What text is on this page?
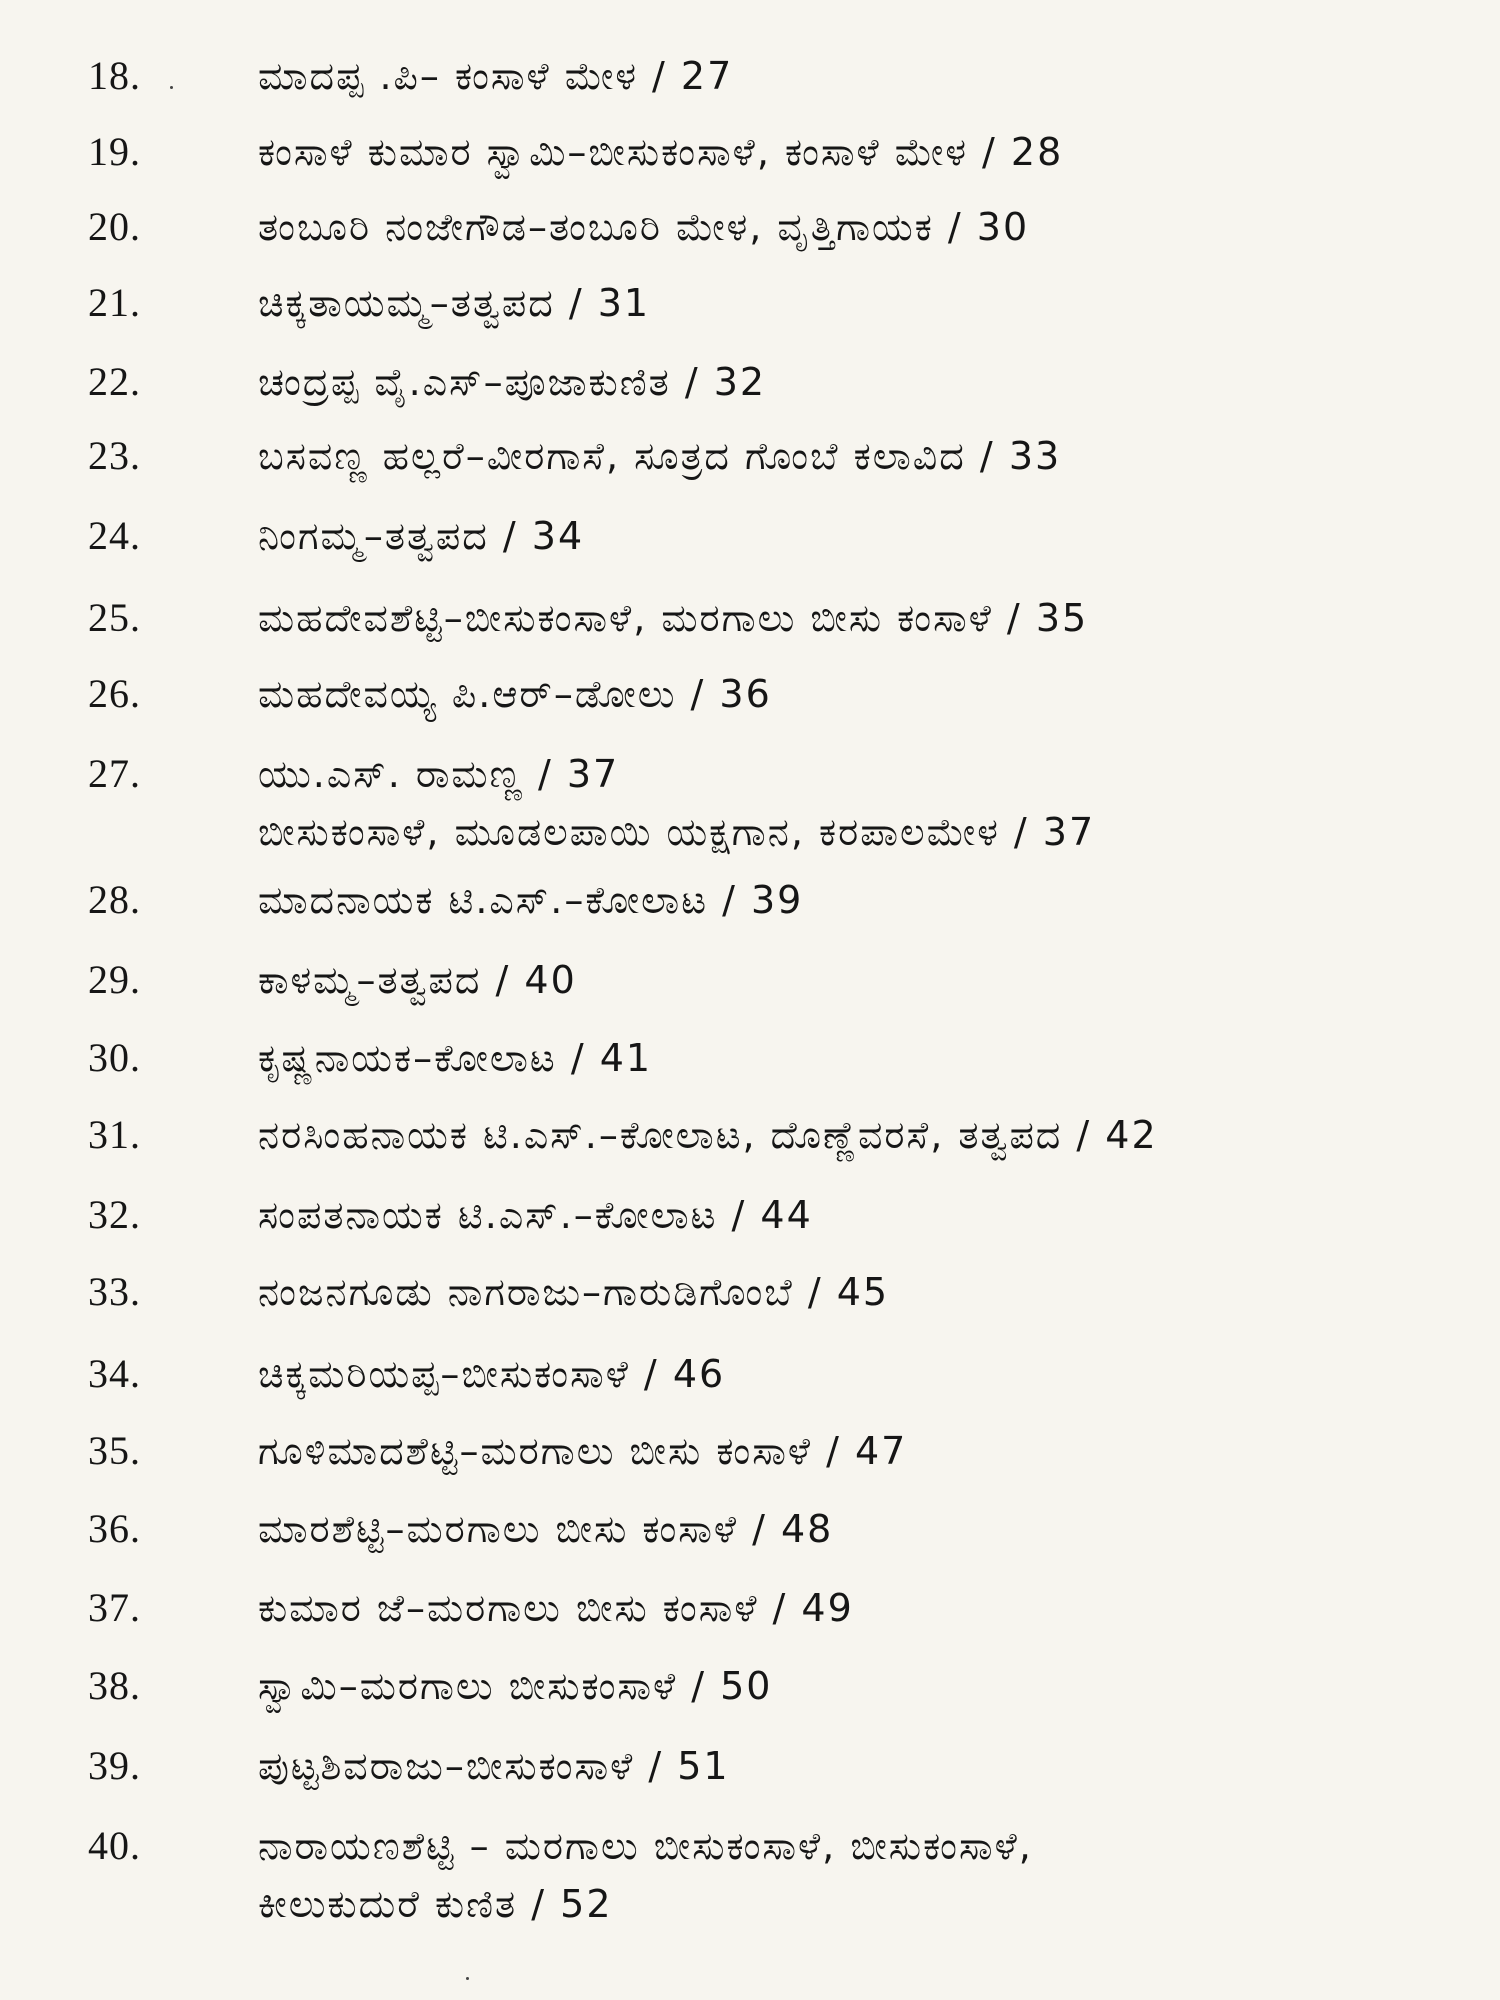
18.	ಮಾದಪ್ಪ .ಪಿ– ಕಂಸಾಳೆ ಮೇಳ / 27
19.	ಕಂಸಾಳೆ ಕುಮಾರ ಸ್ವಾಮಿ–ಬೀಸುಕಂಸಾಳೆ, ಕಂಸಾಳೆ ಮೇಳ / 28
20.	ತಂಬೂರಿ ನಂಜೇಗೌಡ–ತಂಬೂರಿ ಮೇಳ, ವೃತ್ತಿಗಾಯಕ / 30
21.	ಚಿಕ್ಕತಾಯಮ್ಮ–ತತ್ವಪದ / 31
22.	ಚಂದ್ರಪ್ಪ ವೈ.ಎಸ್–ಪೂಜಾಕುಣಿತ / 32
23.	ಬಸವಣ್ಣ ಹಲ್ಲರೆ–ವೀರಗಾಸೆ, ಸೂತ್ರದ ಗೊಂಬೆ ಕಲಾವಿದ / 33
24.	ನಿಂಗಮ್ಮ–ತತ್ವಪದ / 34
25.	ಮಹದೇವಶೆಟ್ಟಿ–ಬೀಸುಕಂಸಾಳೆ, ಮರಗಾಲು ಬೀಸು ಕಂಸಾಳೆ / 35
26.	ಮಹದೇವಯ್ಯ ಪಿ.ಆರ್–ಡೋಲು / 36
27.	ಯು.ಎಸ್. ರಾಮಣ್ಣ / 37
ಬೀಸುಕಂಸಾಳೆ, ಮೂಡಲಪಾಯಿ ಯಕ್ಷಗಾನ, ಕರಪಾಲಮೇಳ / 37
28.	ಮಾದನಾಯಕ ಟಿ.ಎಸ್.–ಕೋಲಾಟ / 39
29.	ಕಾಳಮ್ಮ–ತತ್ವಪದ / 40
30.	ಕೃಷ್ಣನಾಯಕ–ಕೋಲಾಟ / 41
31.	ನರಸಿಂಹನಾಯಕ ಟಿ.ಎಸ್.–ಕೋಲಾಟ, ದೊಣ್ಣೆವರಸೆ, ತತ್ವಪದ / 42
32.	ಸಂಪತನಾಯಕ ಟಿ.ಎಸ್.–ಕೋಲಾಟ / 44
33.	ನಂಜನಗೂಡು ನಾಗರಾಜು–ಗಾರುಡಿಗೊಂಬೆ / 45
34.	ಚಿಕ್ಕಮರಿಯಪ್ಪ–ಬೀಸುಕಂಸಾಳೆ / 46
35.	ಗೂಳಿಮಾದಶೆಟ್ಟಿ–ಮರಗಾಲು ಬೀಸು ಕಂಸಾಳೆ / 47
36.	ಮಾರಶೆಟ್ಟಿ–ಮರಗಾಲು ಬೀಸು ಕಂಸಾಳೆ / 48
37.	ಕುಮಾರ ಜೆ–ಮರಗಾಲು ಬೀಸು ಕಂಸಾಳೆ / 49
38.	ಸ್ವಾಮಿ–ಮರಗಾಲು ಬೀಸುಕಂಸಾಳೆ / 50
39.	ಪುಟ್ಟಶಿವರಾಜು–ಬೀಸುಕಂಸಾಳೆ / 51
40.	ನಾರಾಯಣಶೆಟ್ಟಿ – ಮರಗಾಲು ಬೀಸುಕಂಸಾಳೆ, ಬೀಸುಕಂಸಾಳೆ,
ಕೀಲುಕುದುರೆ ಕುಣಿತ / 52
